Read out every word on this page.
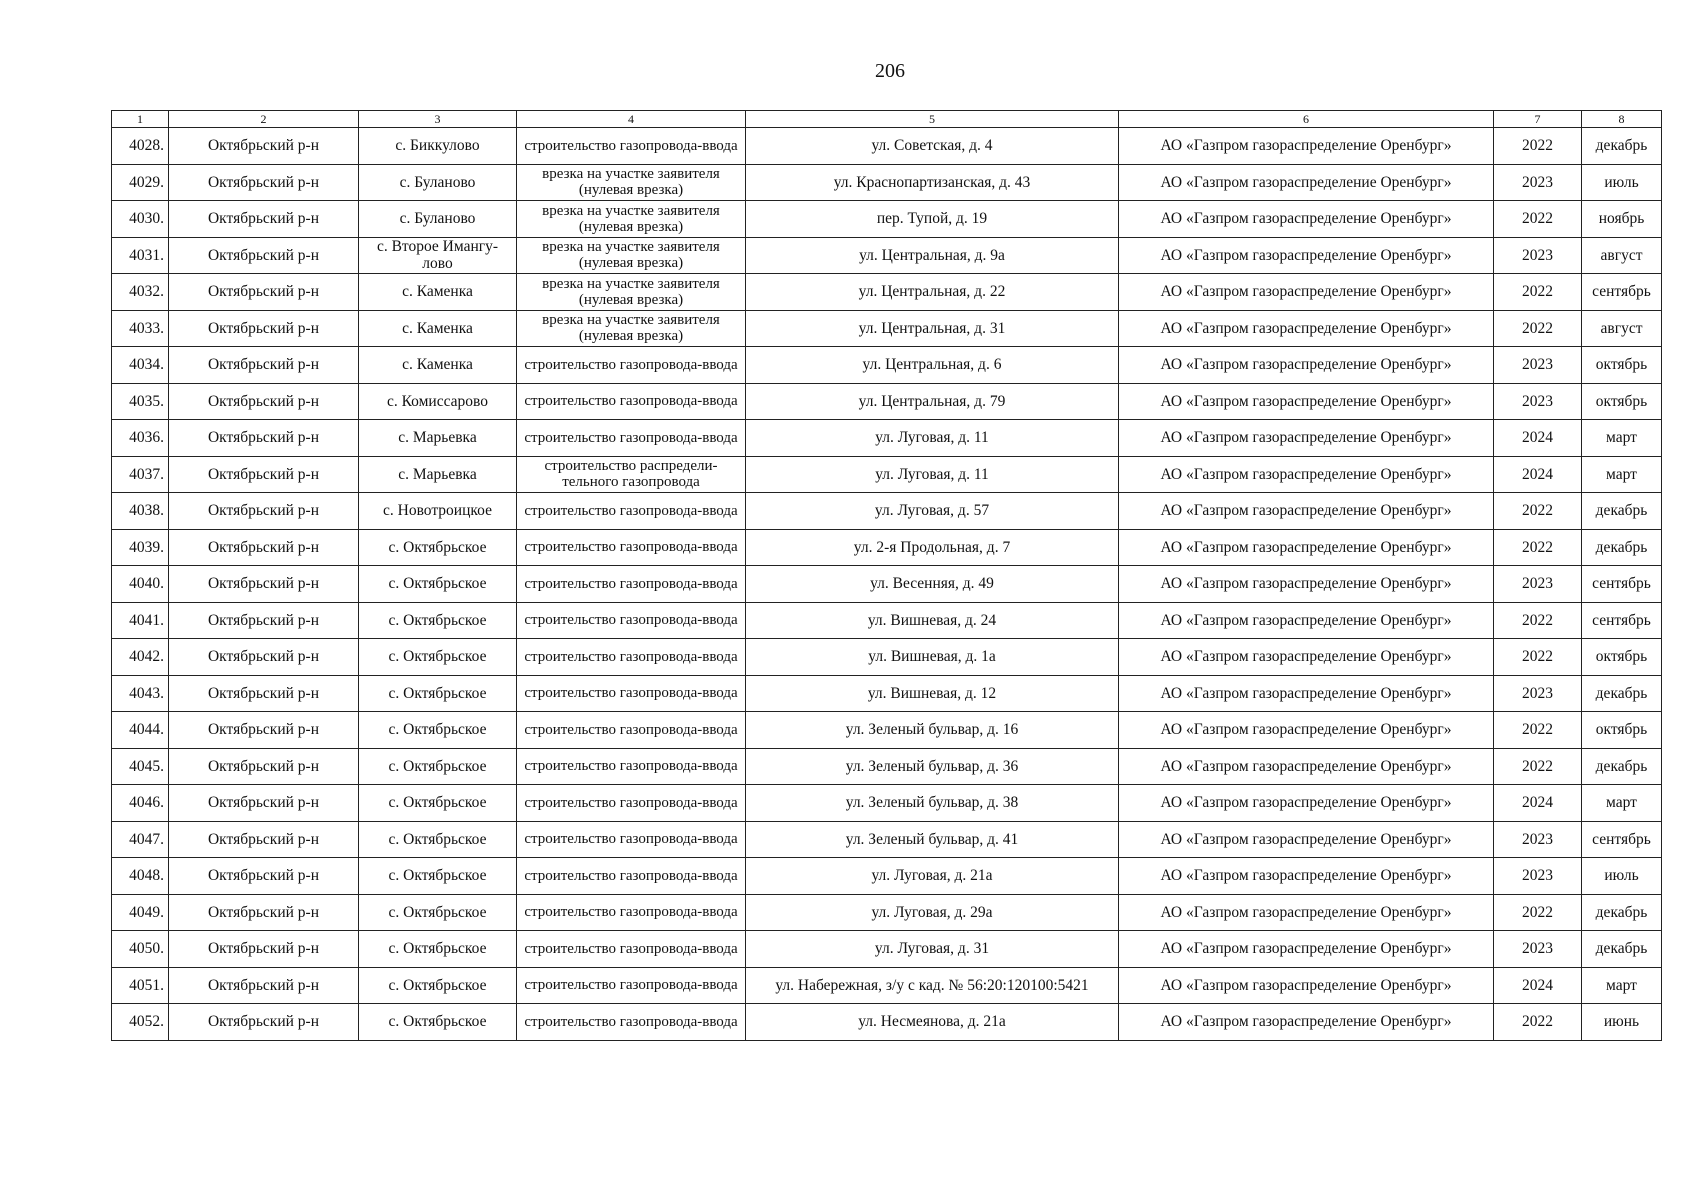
206
1	2	3	4	5	6	7	8
4028.	Октябрьский р-н	с. Биккулово	строительство газопровода-ввода	ул. Советская, д. 4	АО «Газпром газораспределение Оренбург»	2022	декабрь
4029.	Октябрьский р-н	с. Буланово	врезка на участке заявителя (нулевая врезка)	ул. Краснопартизанская, д. 43	АО «Газпром газораспределение Оренбург»	2023	июль
4030.	Октябрьский р-н	с. Буланово	врезка на участке заявителя (нулевая врезка)	пер. Тупой, д. 19	АО «Газпром газораспределение Оренбург»	2022	ноябрь
4031.	Октябрьский р-н	с. Второе Имангу-лово	врезка на участке заявителя (нулевая врезка)	ул. Центральная, д. 9а	АО «Газпром газораспределение Оренбург»	2023	август
4032.	Октябрьский р-н	с. Каменка	врезка на участке заявителя (нулевая врезка)	ул. Центральная, д. 22	АО «Газпром газораспределение Оренбург»	2022	сентябрь
4033.	Октябрьский р-н	с. Каменка	врезка на участке заявителя (нулевая врезка)	ул. Центральная, д. 31	АО «Газпром газораспределение Оренбург»	2022	август
4034.	Октябрьский р-н	с. Каменка	строительство газопровода-ввода	ул. Центральная, д. 6	АО «Газпром газораспределение Оренбург»	2023	октябрь
4035.	Октябрьский р-н	с. Комиссарово	строительство газопровода-ввода	ул. Центральная, д. 79	АО «Газпром газораспределение Оренбург»	2023	октябрь
4036.	Октябрьский р-н	с. Марьевка	строительство газопровода-ввода	ул. Луговая, д. 11	АО «Газпром газораспределение Оренбург»	2024	март
4037.	Октябрьский р-н	с. Марьевка	строительство распредели-тельного газопровода	ул. Луговая, д. 11	АО «Газпром газораспределение Оренбург»	2024	март
4038.	Октябрьский р-н	с. Новотроицкое	строительство газопровода-ввода	ул. Луговая, д. 57	АО «Газпром газораспределение Оренбург»	2022	декабрь
4039.	Октябрьский р-н	с. Октябрьское	строительство газопровода-ввода	ул. 2-я Продольная, д. 7	АО «Газпром газораспределение Оренбург»	2022	декабрь
4040.	Октябрьский р-н	с. Октябрьское	строительство газопровода-ввода	ул. Весенняя, д. 49	АО «Газпром газораспределение Оренбург»	2023	сентябрь
4041.	Октябрьский р-н	с. Октябрьское	строительство газопровода-ввода	ул. Вишневая, д. 24	АО «Газпром газораспределение Оренбург»	2022	сентябрь
4042.	Октябрьский р-н	с. Октябрьское	строительство газопровода-ввода	ул. Вишневая, д. 1а	АО «Газпром газораспределение Оренбург»	2022	октябрь
4043.	Октябрьский р-н	с. Октябрьское	строительство газопровода-ввода	ул. Вишневая, д. 12	АО «Газпром газораспределение Оренбург»	2023	декабрь
4044.	Октябрьский р-н	с. Октябрьское	строительство газопровода-ввода	ул. Зеленый бульвар, д. 16	АО «Газпром газораспределение Оренбург»	2022	октябрь
4045.	Октябрьский р-н	с. Октябрьское	строительство газопровода-ввода	ул. Зеленый бульвар, д. 36	АО «Газпром газораспределение Оренбург»	2022	декабрь
4046.	Октябрьский р-н	с. Октябрьское	строительство газопровода-ввода	ул. Зеленый бульвар, д. 38	АО «Газпром газораспределение Оренбург»	2024	март
4047.	Октябрьский р-н	с. Октябрьское	строительство газопровода-ввода	ул. Зеленый бульвар, д. 41	АО «Газпром газораспределение Оренбург»	2023	сентябрь
4048.	Октябрьский р-н	с. Октябрьское	строительство газопровода-ввода	ул. Луговая, д. 21а	АО «Газпром газораспределение Оренбург»	2023	июль
4049.	Октябрьский р-н	с. Октябрьское	строительство газопровода-ввода	ул. Луговая, д. 29а	АО «Газпром газораспределение Оренбург»	2022	декабрь
4050.	Октябрьский р-н	с. Октябрьское	строительство газопровода-ввода	ул. Луговая, д. 31	АО «Газпром газораспределение Оренбург»	2023	декабрь
4051.	Октябрьский р-н	с. Октябрьское	строительство газопровода-ввода	ул. Набережная, з/у с кад. № 56:20:120100:5421	АО «Газпром газораспределение Оренбург»	2024	март
4052.	Октябрьский р-н	с. Октябрьское	строительство газопровода-ввода	ул. Несмеянова, д. 21а	АО «Газпром газораспределение Оренбург»	2022	июнь
